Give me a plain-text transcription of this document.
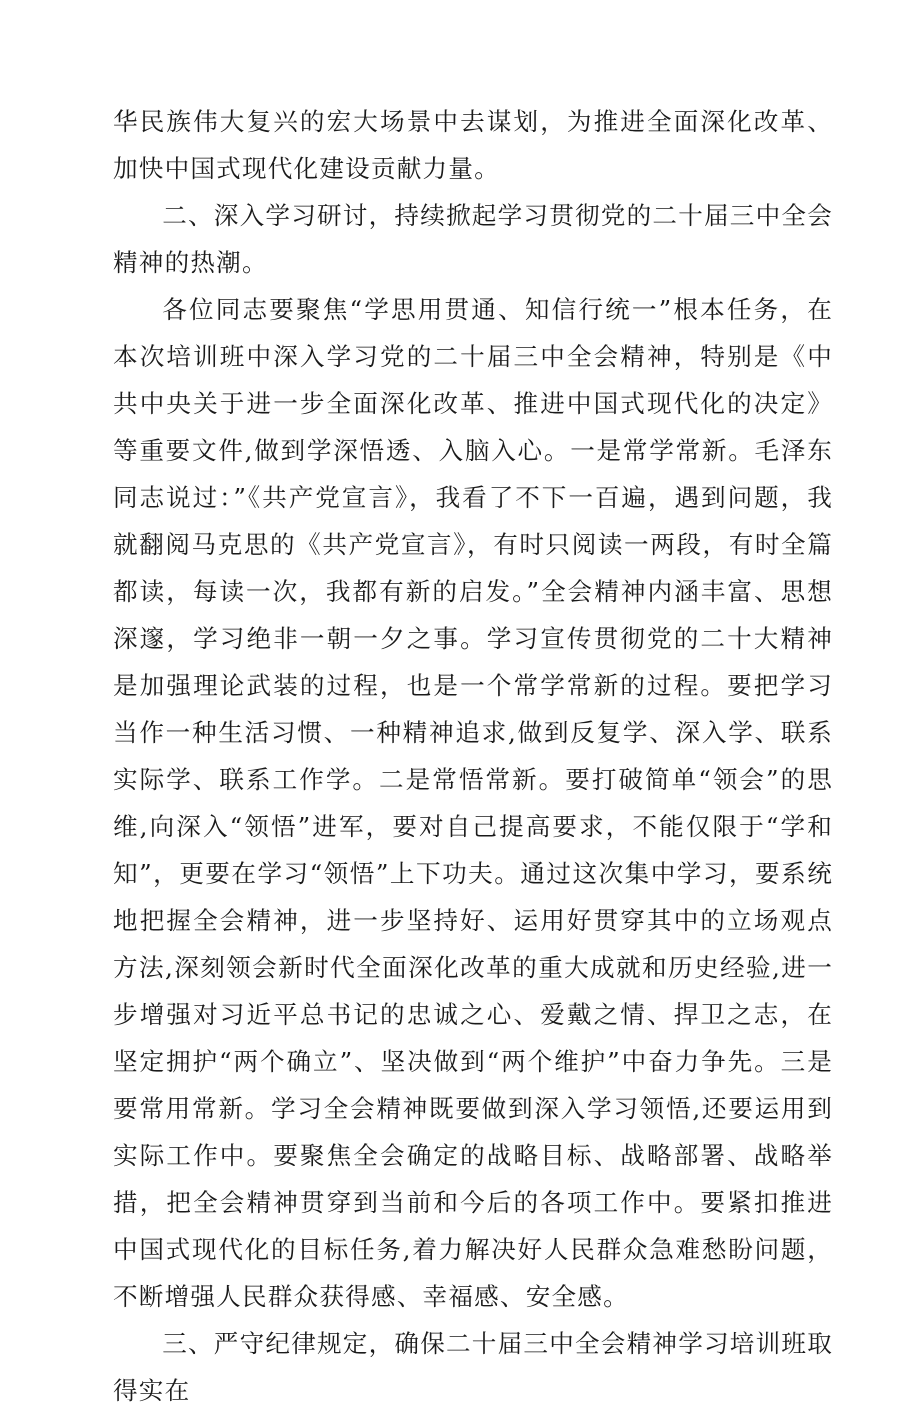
华民族伟大复兴的宏大场景中去谋划，为推进全面深化改革、加快中国式现代化建设贡献力量。

二、深入学习研讨，持续掀起学习贯彻党的二十届三中全会精神的热潮。

各位同志要聚焦“学思用贯通、知信行统一”根本任务，在本次培训班中深入学习党的二十届三中全会精神，特别是《中共中央关于进一步全面深化改革、推进中国式现代化的决定》等重要文件,做到学深悟透、入脑入心。一是常学常新。毛泽东同志说过：”《共产党宣言》，我看了不下一百遍，遇到问题，我就翻阅马克思的《共产党宣言》，有时只阅读一两段，有时全篇都读，每读一次，我都有新的启发。”全会精神内涵丰富、思想深邃，学习绝非一朝一夕之事。学习宣传贯彻党的二十大精神是加强理论武装的过程，也是一个常学常新的过程。要把学习当作一种生活习惯、一种精神追求,做到反复学、深入学、联系实际学、联系工作学。二是常悟常新。要打破简单“领会”的思维,向深入“领悟”进军，要对自己提高要求，不能仅限于“学和知”，更要在学习“领悟”上下功夫。通过这次集中学习，要系统地把握全会精神，进一步坚持好、运用好贯穿其中的立场观点方法,深刻领会新时代全面深化改革的重大成就和历史经验,进一步增强对习近平总书记的忠诚之心、爱戴之情、捍卫之志，在坚定拥护“两个确立”、坚决做到“两个维护”中奋力争先。三是要常用常新。学习全会精神既要做到深入学习领悟,还要运用到实际工作中。要聚焦全会确定的战略目标、战略部署、战略举措，把全会精神贯穿到当前和今后的各项工作中。要紧扣推进中国式现代化的目标任务,着力解决好人民群众急难愁盼问题，不断增强人民群众获得感、幸福感、安全感。

三、严守纪律规定，确保二十届三中全会精神学习培训班取得实在
